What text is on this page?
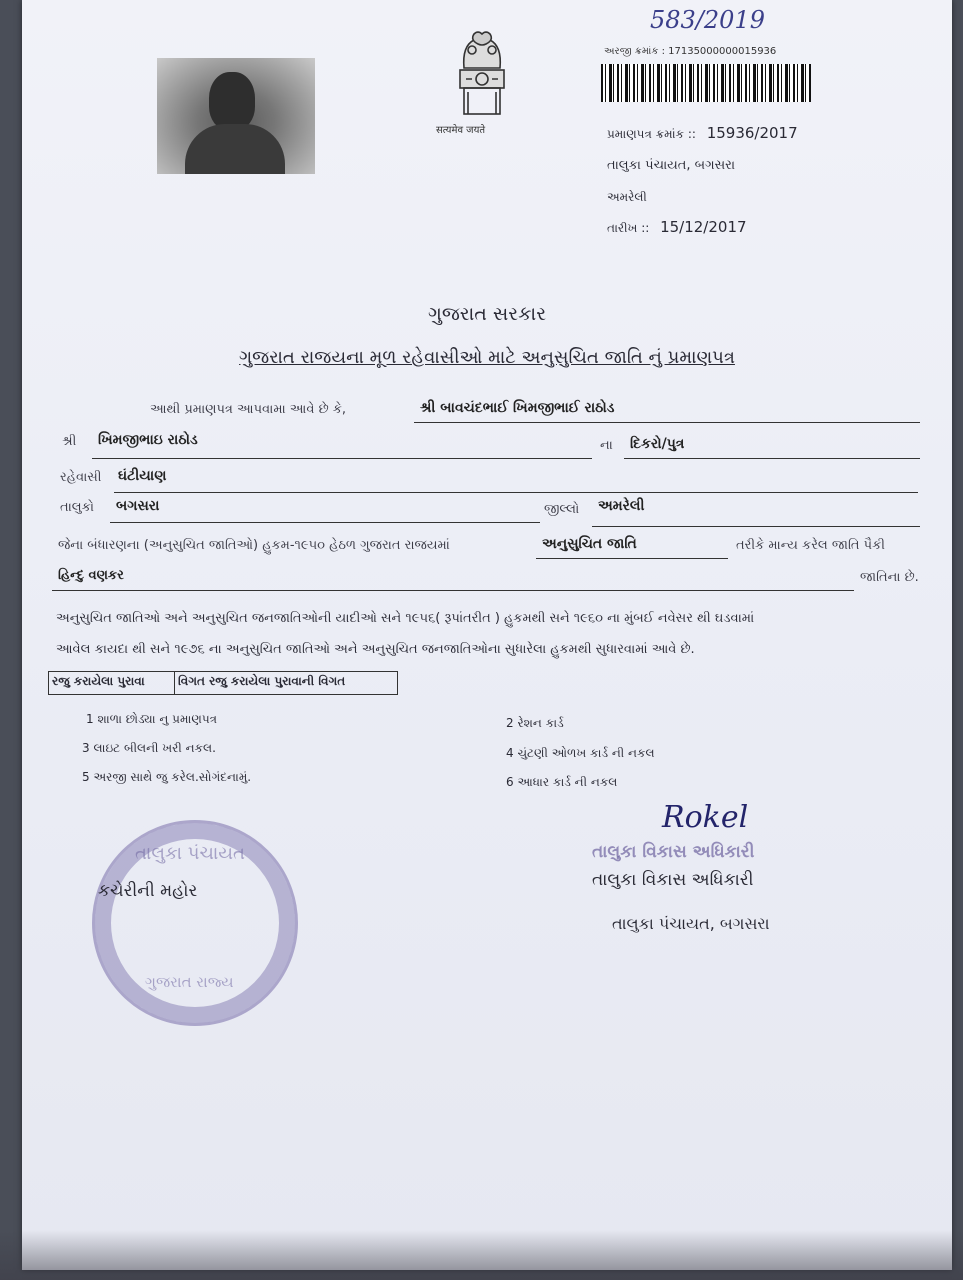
सत्यमेव जयते
583/2019
અરજી ક્રમાંક : 17135000000015936
પ્રમાણપત્ર ક્રમાંક :: 15936/2017
તાલુકા પંચાયત, બગસરા
અમરેલી
તારીખ :: 15/12/2017
ગુજરાત સરકાર
ગુજરાત રાજયના મૂળ રહેવાસીઓ માટે અનુસુચિત જાતિ નું પ્રમાણપત્ર
આથી પ્રમાણપત્ર આપવામા આવે છે કે,	શ્રી બાવચંદભાઈ ખિમજીભાઈ રાઠોડ
શ્રી ખિમજીભાઇ રાઠોડ	ના દિકરો/પુત્ર
રહેવાસી ઘંટીયાણ
તાલુકો બગસરા	જીલ્લો અમરેલી
જેના બંધારણના (અનુસુચિત જાતિઓ) હુકમ-૧૯૫૦ હેઠળ ગુજરાત રાજયમાં	અનુસુચિત જાતિ	તરીકે માન્ય કરેલ જાતિ પૈકી
હિન્દુ વણકર	જાતિના છે.
અનુસુચિત જાતિઓ અને અનુસુચિત જનજાતિઓની યાદીઓ સને ૧૯૫૬( રૂપાંતરીત ) હુકમથી સને ૧૯૬૦ ના મુંબઈ નવેસર થી ઘડવામાં
આવેલ કાયદા થી સને ૧૯૭૬ ના અનુસુચિત જાતિઓ અને અનુસુચિત જનજાતિઓના સુધારેલા હુકમથી સુધારવામાં આવે છે.
રજુ કરાયેલા પુરાવા	વિગત રજુ કરાયેલા પુરાવાની વિગત
1 શાળા છોડ્યા નુ પ્રમાણપત્ર	2 રેશન કાર્ડ
3 લાઇટ બીલની ખરી નકલ.	4 ચુંટણી ઓળખ કાર્ડ ની નકલ
5 અરજી સાથે જુ કરેલ.સોગંદનામું.	6 આધાર કાર્ડ ની નકલ
તાલુકા પંચાયત
ગુજરાત રાજ્ય
કચેરીની મહોર
Rokel
તાલુકા વિકાસ અધિકારી
તાલુકા વિકાસ અધિકારી
તાલુકા પંચાયત, બગસરા
